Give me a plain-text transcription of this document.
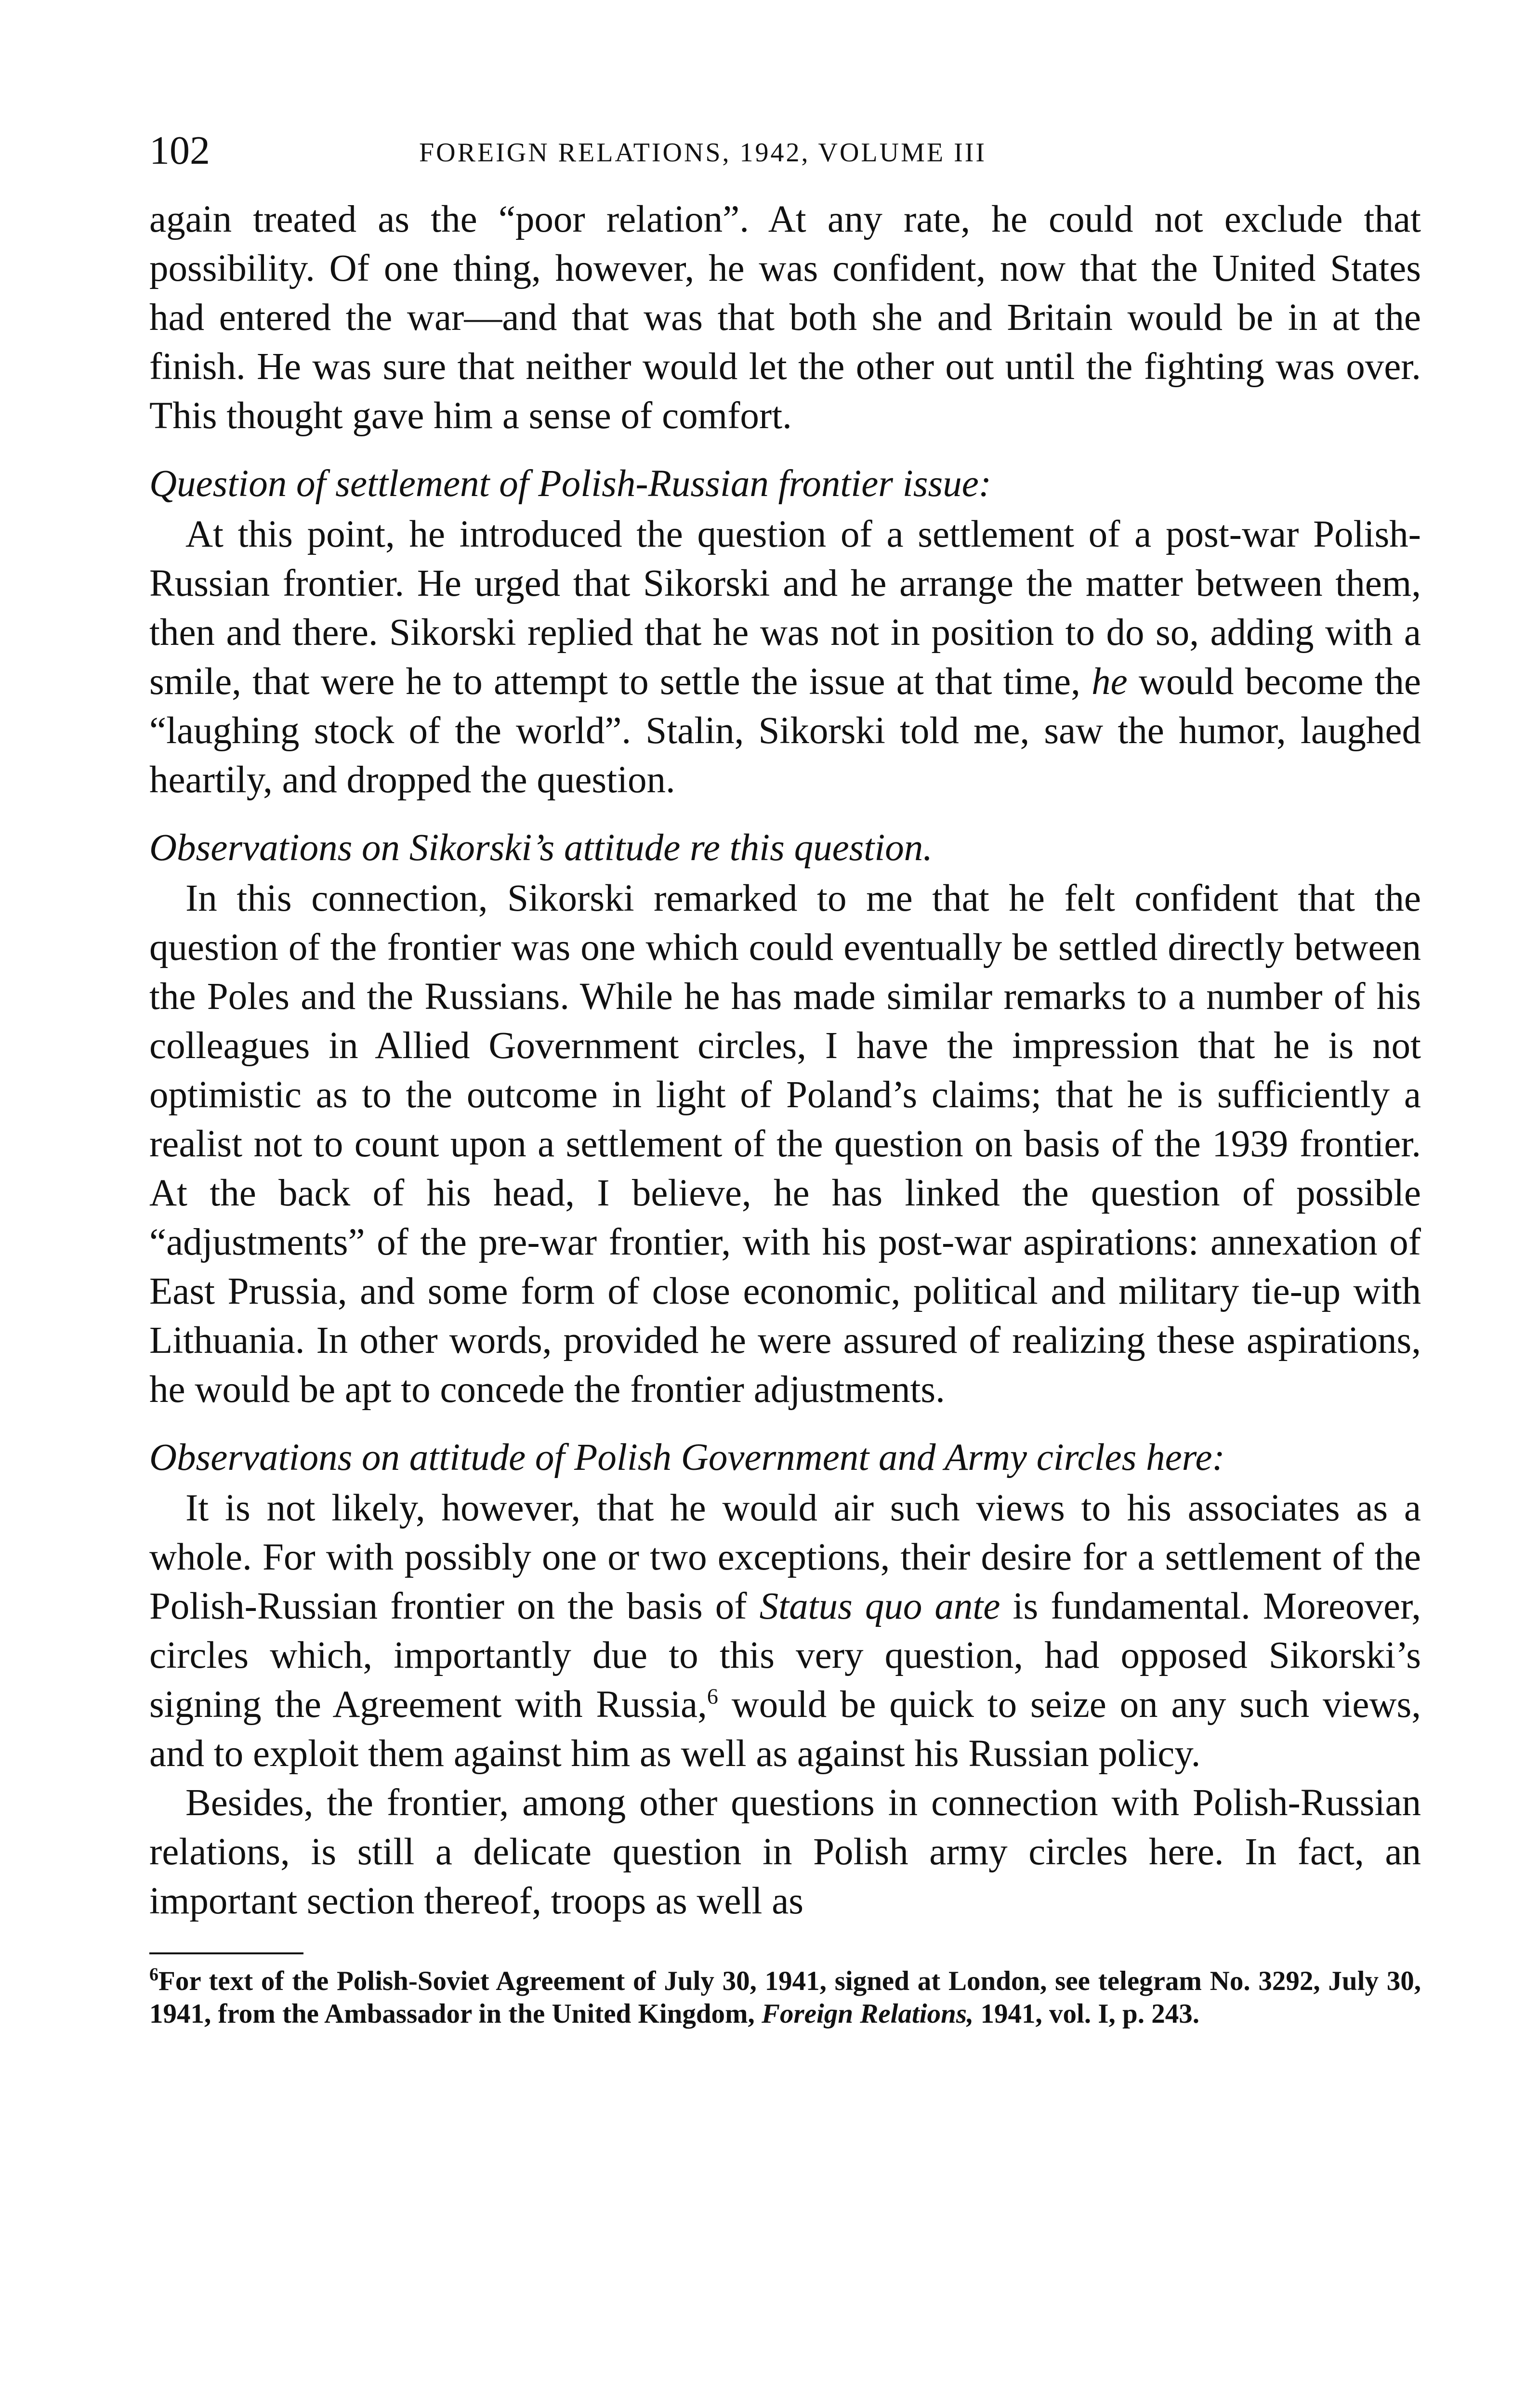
102	FOREIGN RELATIONS, 1942, VOLUME III

again treated as the “poor relation”. At any rate, he could not exclude that possibility. Of one thing, however, he was confident, now that the United States had entered the war—and that was that both she and Britain would be in at the finish. He was sure that neither would let the other out until the fighting was over. This thought gave him a sense of comfort.

Question of settlement of Polish-Russian frontier issue:

At this point, he introduced the question of a settlement of a post-war Polish-Russian frontier. He urged that Sikorski and he arrange the matter between them, then and there. Sikorski replied that he was not in position to do so, adding with a smile, that were he to attempt to settle the issue at that time, he would become the “laughing stock of the world”. Stalin, Sikorski told me, saw the humor, laughed heartily, and dropped the question.

Observations on Sikorski’s attitude re this question.

In this connection, Sikorski remarked to me that he felt confident that the question of the frontier was one which could eventually be settled directly between the Poles and the Russians. While he has made similar remarks to a number of his colleagues in Allied Government circles, I have the impression that he is not optimistic as to the outcome in light of Poland’s claims; that he is sufficiently a realist not to count upon a settlement of the question on basis of the 1939 frontier. At the back of his head, I believe, he has linked the question of possible “adjustments” of the pre-war frontier, with his post-war aspirations: annexation of East Prussia, and some form of close economic, political and military tie-up with Lithuania. In other words, provided he were assured of realizing these aspirations, he would be apt to concede the frontier adjustments.

Observations on attitude of Polish Government and Army circles here:

It is not likely, however, that he would air such views to his associates as a whole. For with possibly one or two exceptions, their desire for a settlement of the Polish-Russian frontier on the basis of Status quo ante is fundamental. Moreover, circles which, importantly due to this very question, had opposed Sikorski’s signing the Agreement with Russia,$^6$ would be quick to seize on any such views, and to exploit them against him as well as against his Russian policy.

Besides, the frontier, among other questions in connection with Polish-Russian relations, is still a delicate question in Polish army circles here. In fact, an important section thereof, troops as well as

$^6$For text of the Polish-Soviet Agreement of July 30, 1941, signed at London, see telegram No. 3292, July 30, 1941, from the Ambassador in the United Kingdom, Foreign Relations, 1941, vol. I, p. 243.
